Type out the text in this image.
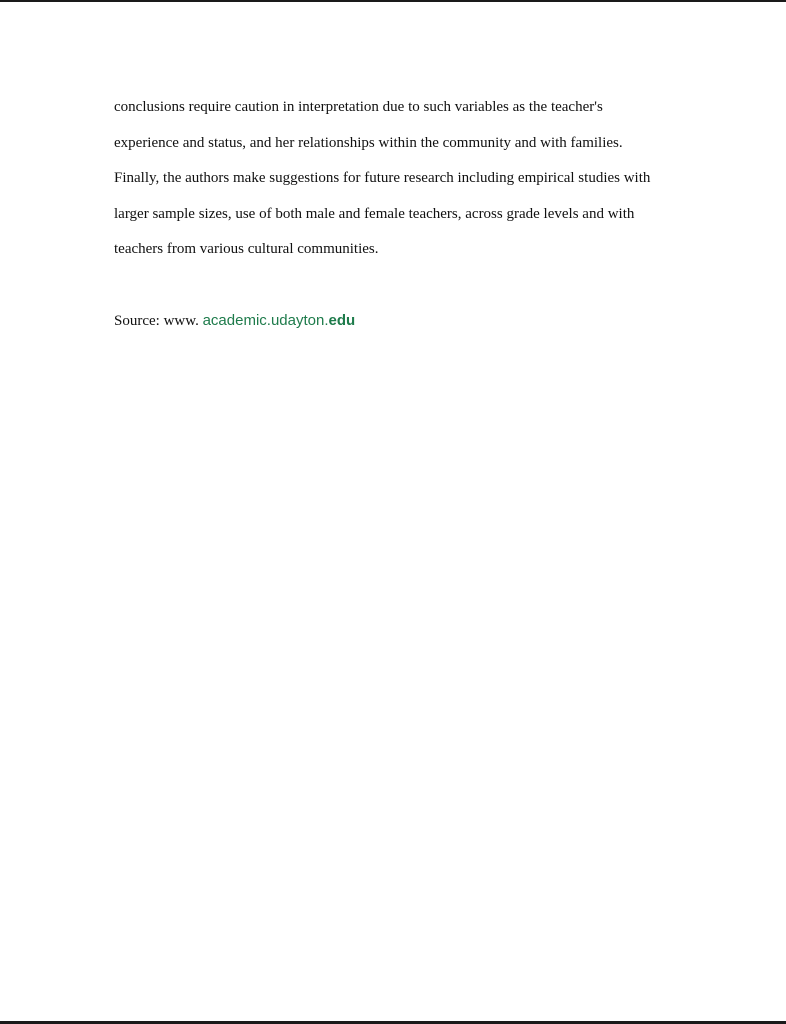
conclusions require caution in interpretation due to such variables as the teacher's

experience and status, and her relationships within the community and with families.

Finally, the authors make suggestions for future research including empirical studies with

larger sample sizes, use of both male and female teachers, across grade levels and with

teachers from various cultural communities.

Source: www. academic.udayton.edu
